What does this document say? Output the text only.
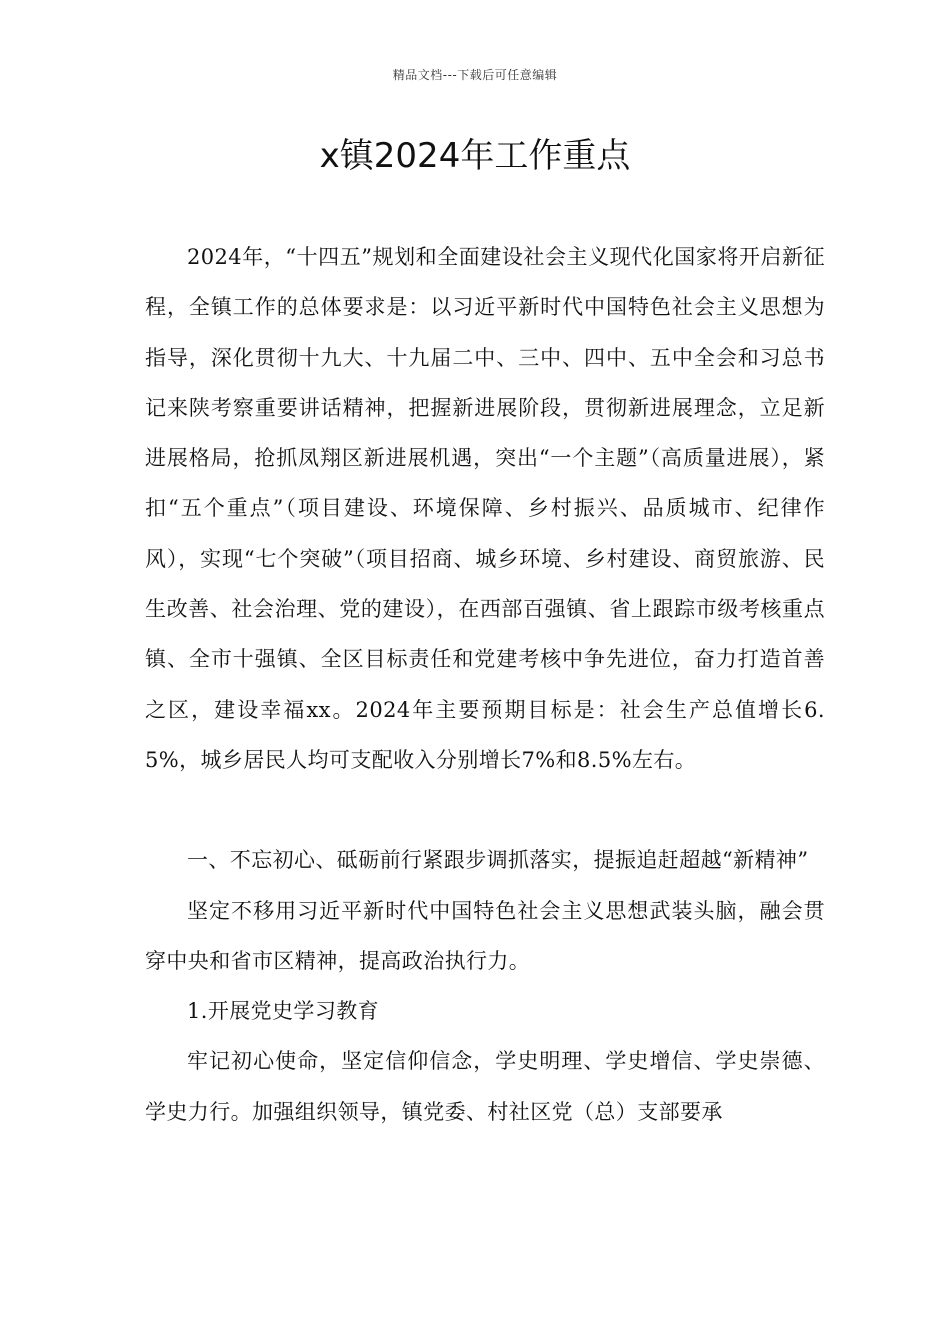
精品文档---下载后可任意编辑
x镇2024年工作重点

2024年，“十四五”规划和全面建设社会主义现代化国家将开启新征程，全镇工作的总体要求是：以习近平新时代中国特色社会主义思想为指导，深化贯彻十九大、十九届二中、三中、四中、五中全会和习总书记来陕考察重要讲话精神，把握新进展阶段，贯彻新进展理念，立足新进展格局，抢抓凤翔区新进展机遇，突出“一个主题”（高质量进展），紧扣“五个重点”（项目建设、环境保障、乡村振兴、品质城市、纪律作风），实现“七个突破”（项目招商、城乡环境、乡村建设、商贸旅游、民生改善、社会治理、党的建设），在西部百强镇、省上跟踪市级考核重点镇、全市十强镇、全区目标责任和党建考核中争先进位，奋力打造首善之区，建设幸福xx。2024年主要预期目标是：社会生产总值增长6.5%，城乡居民人均可支配收入分别增长7%和8.5%左右。

一、不忘初心、砥砺前行紧跟步调抓落实，提振追赶超越“新精神”

坚定不移用习近平新时代中国特色社会主义思想武装头脑，融会贯穿中央和省市区精神，提高政治执行力。

1.开展党史学习教育

牢记初心使命，坚定信仰信念，学史明理、学史增信、学史崇德、学史力行。加强组织领导，镇党委、村社区党（总）支部要承
